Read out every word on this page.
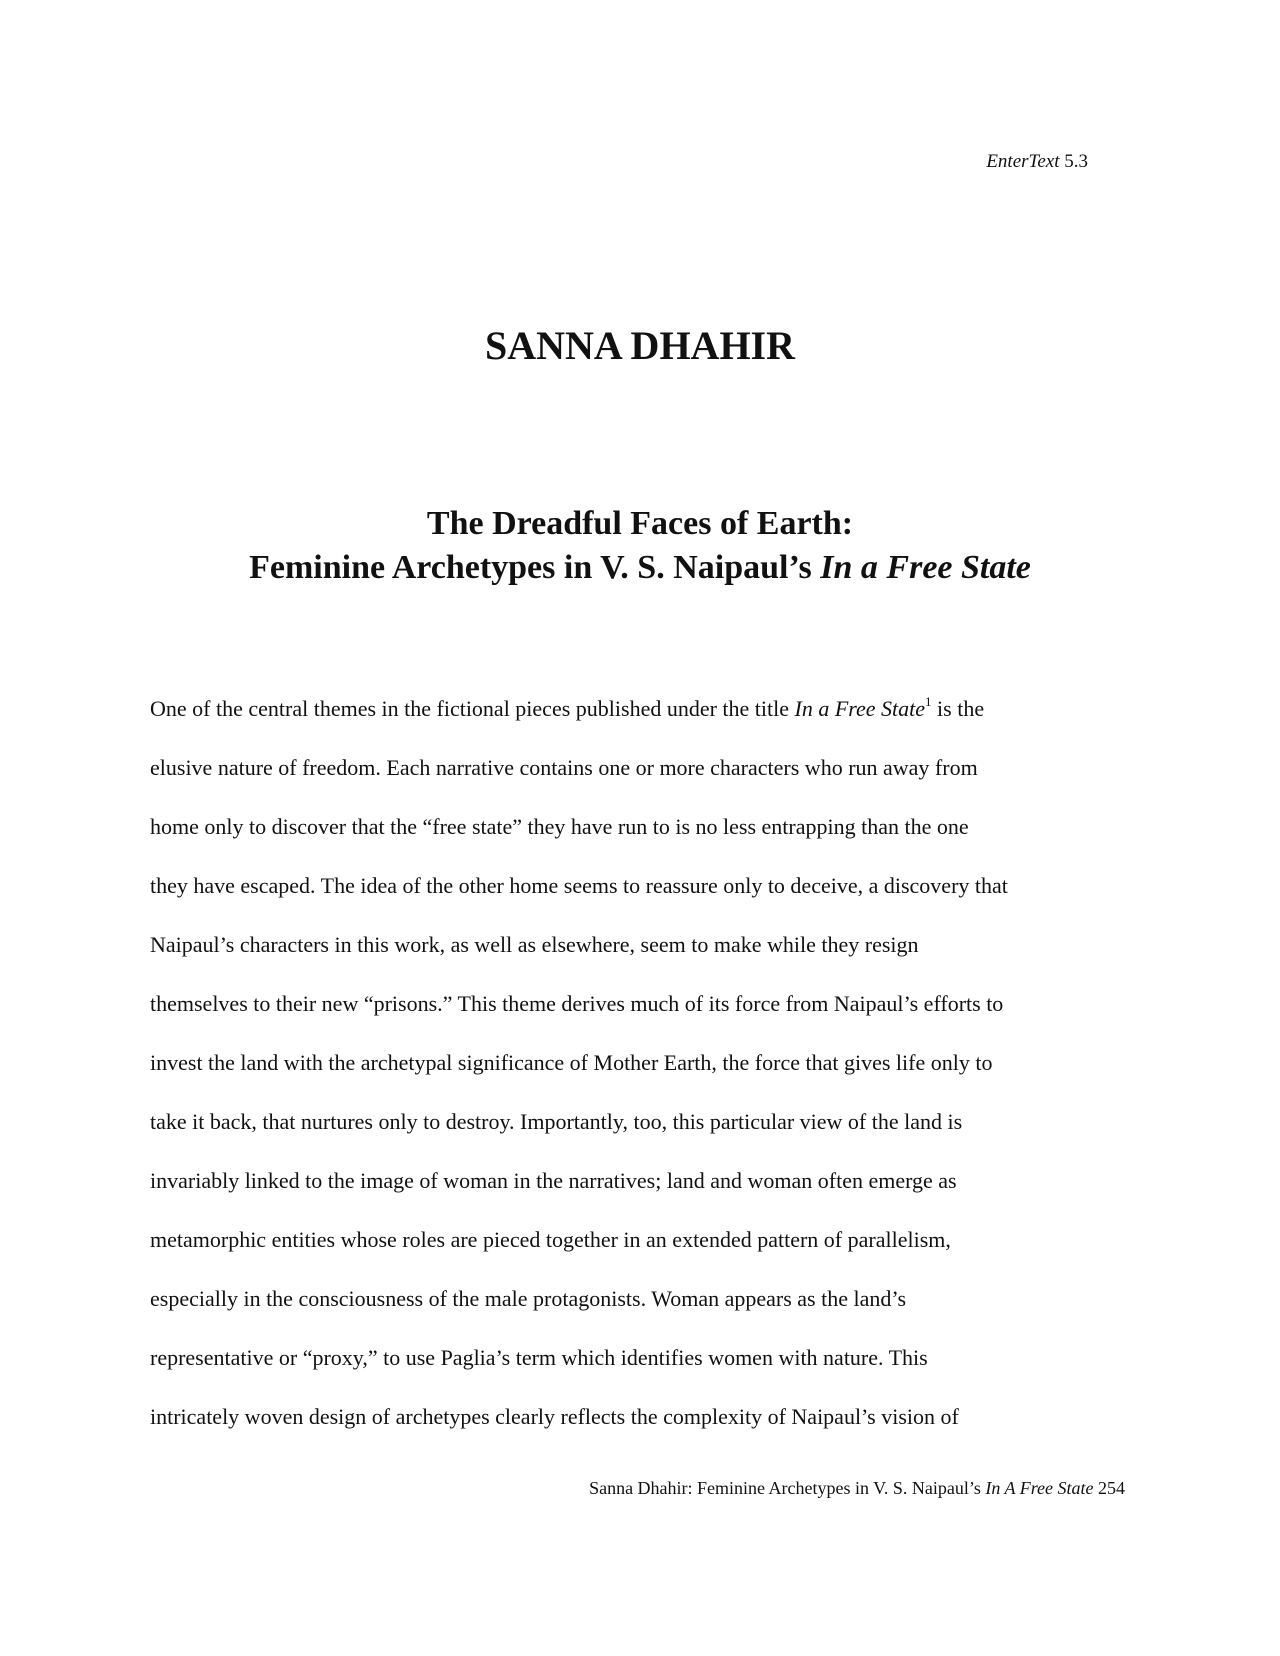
EnterText 5.3
SANNA DHAHIR
The Dreadful Faces of Earth:
Feminine Archetypes in V. S. Naipaul’s In a Free State
One of the central themes in the fictional pieces published under the title In a Free State$^1$ is the
elusive nature of freedom. Each narrative contains one or more characters who run away from
home only to discover that the “free state” they have run to is no less entrapping than the one
they have escaped. The idea of the other home seems to reassure only to deceive, a discovery that
Naipaul’s characters in this work, as well as elsewhere, seem to make while they resign
themselves to their new “prisons.” This theme derives much of its force from Naipaul’s efforts to
invest the land with the archetypal significance of Mother Earth, the force that gives life only to
take it back, that nurtures only to destroy. Importantly, too, this particular view of the land is
invariably linked to the image of woman in the narratives; land and woman often emerge as
metamorphic entities whose roles are pieced together in an extended pattern of parallelism,
especially in the consciousness of the male protagonists. Woman appears as the land’s
representative or “proxy,” to use Paglia’s term which identifies women with nature. This
intricately woven design of archetypes clearly reflects the complexity of Naipaul’s vision of
Sanna Dhahir: Feminine Archetypes in V. S. Naipaul’s In A Free State 254
